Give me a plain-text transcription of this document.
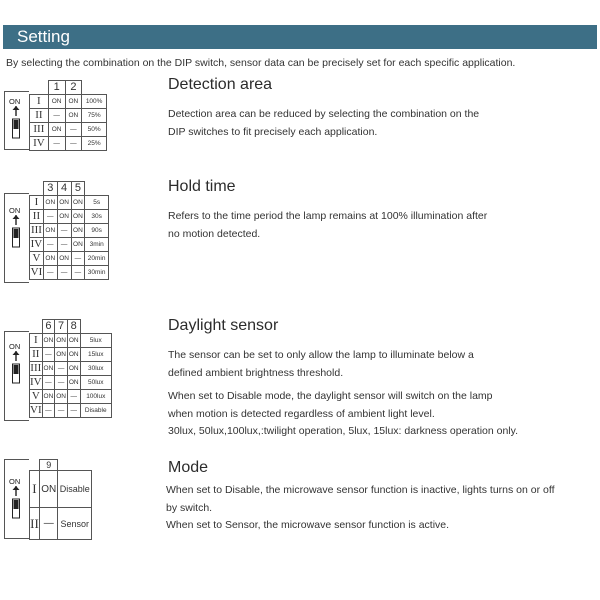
Setting
By selecting the combination on the DIP switch, sensor data can be precisely set for each specific application.
ON
	1	2	
I	ON	ON	100%
II	—	ON	75%
III	ON	—	50%
IV	—	—	25%
Detection area

Detection area can be reduced by selecting the combination on the

DIP switches to fit precisely each application.

ON
	3	4	5	
I	ON	ON	ON	5s
II	—	ON	ON	30s
III	ON	—	ON	90s
IV	—	—	ON	3min
V	ON	ON	—	20min
VI	—	—	—	30min
Hold time

Refers to the time period the lamp remains at 100% illumination after

no motion detected.

ON
	6	7	8	
I	ON	ON	ON	5lux
II	—	ON	ON	15lux
III	ON	—	ON	30lux
IV	—	—	ON	50lux
V	ON	ON	—	100lux
VI	—	—	—	Disable
Daylight sensor

The sensor can be set to only allow the lamp to illuminate below a

defined ambient brightness threshold.

When set to Disable mode, the daylight sensor will switch on the lamp

when motion is detected regardless of ambient light level.

30lux, 50lux,100lux,:twilight operation, 5lux, 15lux: darkness operation only.

ON
	9	
I	ON	Disable
II	—	Sensor
Mode

When set to Disable, the microwave sensor function is inactive, lights turns on or off

by switch.

When set to Sensor, the microwave sensor function is active.
